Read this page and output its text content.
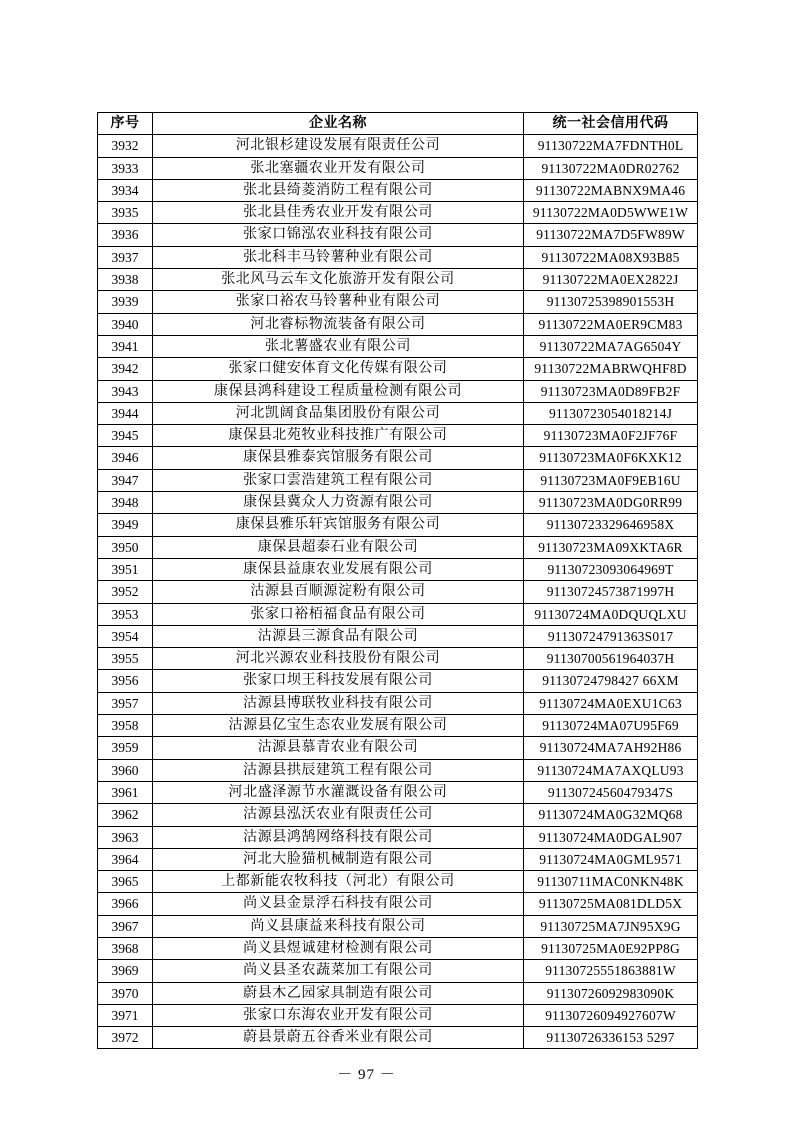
序号	企业名称	统一社会信用代码
3932	河北银杉建设发展有限责任公司	91130722MA7FDNTH0L
3933	张北塞疆农业开发有限公司	91130722MA0DR02762
3934	张北县绮菱消防工程有限公司	91130722MABNX9MA46
3935	张北县佳秀农业开发有限公司	91130722MA0D5WWE1W
3936	张家口锦泓农业科技有限公司	91130722MA7D5FW89W
3937	张北科丰马铃薯种业有限公司	91130722MA08X93B85
3938	张北风马云车文化旅游开发有限公司	91130722MA0EX2822J
3939	张家口裕农马铃薯种业有限公司	91130725398901553H
3940	河北睿标物流装备有限公司	91130722MA0ER9CM83
3941	张北薯盛农业有限公司	91130722MA7AG6504Y
3942	张家口健安体育文化传媒有限公司	91130722MABRWQHF8D
3943	康保县鸿科建设工程质量检测有限公司	91130723MA0D89FB2F
3944	河北凯阔食品集团股份有限公司	91130723054018214J
3945	康保县北苑牧业科技推广有限公司	91130723MA0F2JF76F
3946	康保县雅泰宾馆服务有限公司	91130723MA0F6KXK12
3947	张家口雲浩建筑工程有限公司	91130723MA0F9EB16U
3948	康保县冀众人力资源有限公司	91130723MA0DG0RR99
3949	康保县雅乐轩宾馆服务有限公司	91130723329646958X
3950	康保县超泰石业有限公司	91130723MA09XKTA6R
3951	康保县益康农业发展有限公司	91130723093064969T
3952	沽源县百顺源淀粉有限公司	91130724573871997H
3953	张家口裕栢福食品有限公司	91130724MA0DQUQLXU
3954	沽源县三源食品有限公司	91130724791363S017
3955	河北兴源农业科技股份有限公司	91130700561964037H
3956	张家口坝王科技发展有限公司	91130724798427 66XM
3957	沽源县博联牧业科技有限公司	91130724MA0EXU1C63
3958	沽源县亿宝生态农业发展有限公司	91130724MA07U95F69
3959	沽源县慕青农业有限公司	91130724MA7AH92H86
3960	沽源县拱辰建筑工程有限公司	91130724MA7AXQLU93
3961	河北盛泽源节水灌溉设备有限公司	91130724560479347S
3962	沽源县泓沃农业有限责任公司	91130724MA0G32MQ68
3963	沽源县鸿鹄网络科技有限公司	91130724MA0DGAL907
3964	河北大脸猫机械制造有限公司	91130724MA0GML9571
3965	上都新能农牧科技（河北）有限公司	91130711MAC0NKN48K
3966	尚义县金景浮石科技有限公司	91130725MA081DLD5X
3967	尚义县康益来科技有限公司	91130725MA7JN95X9G
3968	尚义县煜诚建材检测有限公司	91130725MA0E92PP8G
3969	尚义县圣农蔬菜加工有限公司	91130725551863881W
3970	蔚县木乙园家具制造有限公司	91130726092983090K
3971	张家口东海农业开发有限公司	91130726094927607W
3972	蔚县景蔚五谷香米业有限公司	91130726336153 5297
－ 97 －
